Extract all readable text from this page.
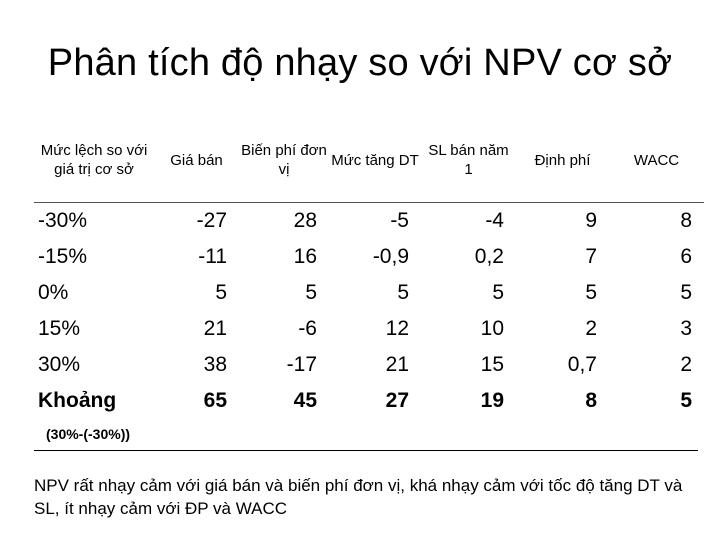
Phân tích độ nhạy so với NPV cơ sở
Mức lệch so với giá trị cơ sở	Giá bán	Biến phí đơn vị	Mức tăng DT	SL bán năm 1	Định phí	WACC
-30%	-27	28	-5	-4	9	8
-15%	-11	16	-0,9	0,2	7	6
0%	5	5	5	5	5	5
15%	21	-6	12	10	2	3
30%	38	-17	21	15	0,7	2
Khoảng	65	45	27	19	8	5
(30%-(-30%))
NPV rất nhạy cảm với giá bán và biến phí đơn vị, khá nhạy cảm với tốc độ tăng DT và SL, ít nhạy cảm với ĐP và WACC
